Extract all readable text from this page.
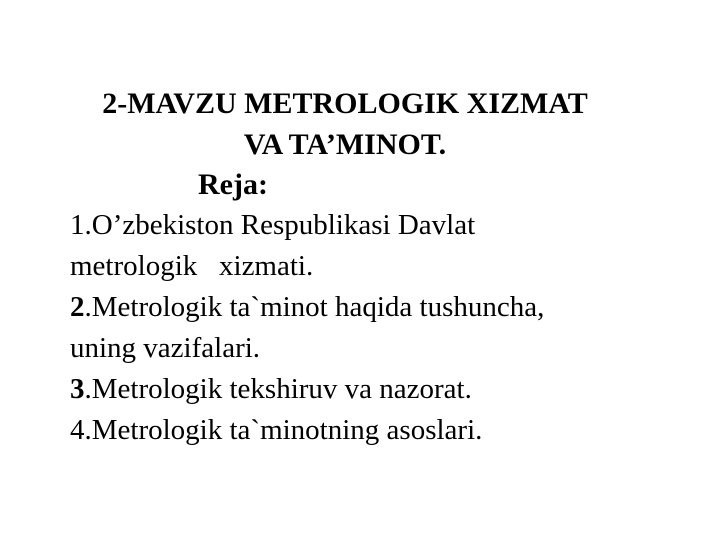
2-MAVZU METROLOGIK XIZMAT
VA TA’MINOT.
Reja:
1.O’zbekiston Respublikasi Davlat
metrologik   xizmati.
2.Metrologik ta`minot haqida tushuncha,
uning vazifalari.
3.Metrologik tekshiruv va nazorat.
4.Metrologik ta`minotning asoslari.
